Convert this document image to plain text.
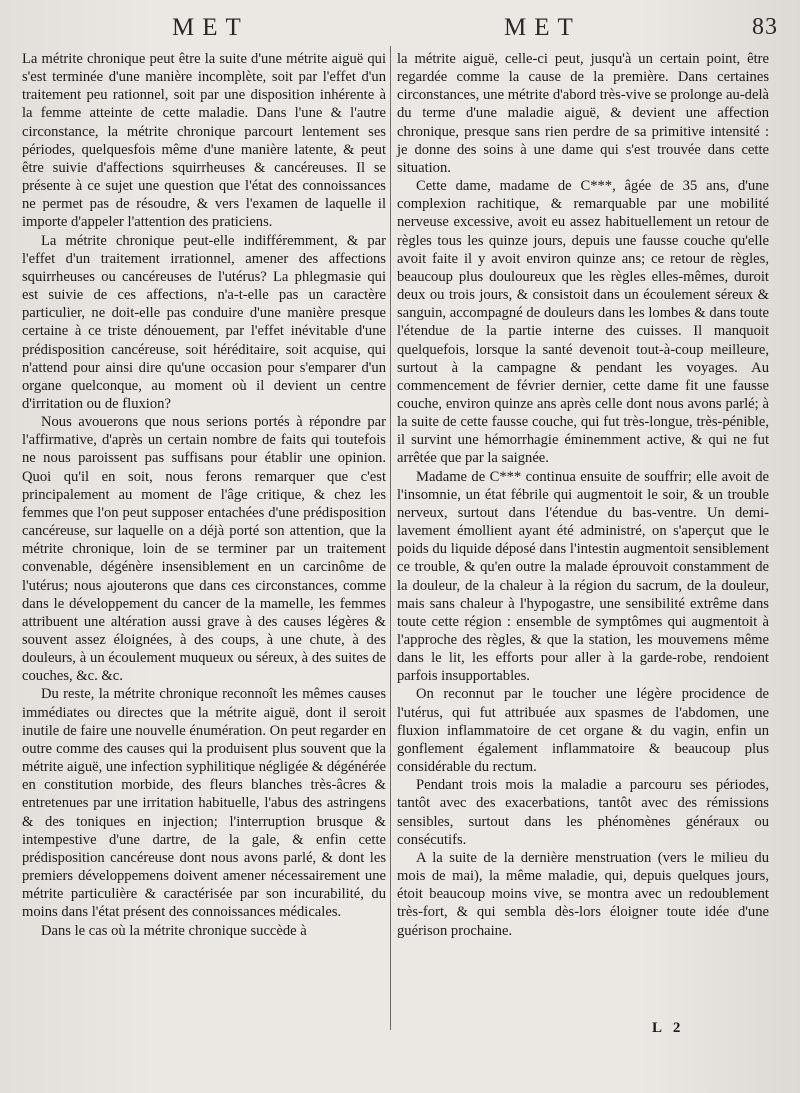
MET	MET	83

La métrite chronique peut être la suite d'une métrite aiguë qui s'est terminée d'une manière incomplète, soit par l'effet d'un traitement peu rationnel, soit par une disposition inhérente à la femme atteinte de cette maladie. Dans l'une & l'autre circonstance, la métrite chronique parcourt lentement ses périodes, quelquesfois même d'une manière latente, & peut être suivie d'affections squirrheuses & cancéreuses. Il se présente à ce sujet une question que l'état des connoissances ne permet pas de résoudre, & vers l'examen de laquelle il importe d'appeler l'attention des praticiens.

La métrite chronique peut-elle indifféremment, & par l'effet d'un traitement irrationnel, amener des affections squirrheuses ou cancéreuses de l'utérus? La phlegmasie qui est suivie de ces affections, n'a-t-elle pas un caractère particulier, ne doit-elle pas conduire d'une manière presque certaine à ce triste dénouement, par l'effet inévitable d'une prédisposition cancéreuse, soit héréditaire, soit acquise, qui n'attend pour ainsi dire qu'une occasion pour s'emparer d'un organe quelconque, au moment où il devient un centre d'irritation ou de fluxion?

Nous avouerons que nous serions portés à répondre par l'affirmative, d'après un certain nombre de faits qui toutefois ne nous paroissent pas suffisans pour établir une opinion. Quoi qu'il en soit, nous ferons remarquer que c'est principalement au moment de l'âge critique, & chez les femmes que l'on peut supposer entachées d'une prédisposition cancéreuse, sur laquelle on a déjà porté son attention, que la métrite chronique, loin de se terminer par un traitement convenable, dégénère insensiblement en un carcinôme de l'utérus; nous ajouterons que dans ces circonstances, comme dans le développement du cancer de la mamelle, les femmes attribuent une altération aussi grave à des causes légères & souvent assez éloignées, à des coups, à une chute, à des douleurs, à un écoulement muqueux ou séreux, à des suites de couches, &c. &c.

Du reste, la métrite chronique reconnoît les mêmes causes immédiates ou directes que la métrite aiguë, dont il seroit inutile de faire une nouvelle énumération. On peut regarder en outre comme des causes qui la produisent plus souvent que la métrite aiguë, une infection syphilitique négligée & dégénérée en constitution morbide, des fleurs blanches très-âcres & entretenues par une irritation habituelle, l'abus des astringens & des toniques en injection; l'interruption brusque & intempestive d'une dartre, de la gale, & enfin cette prédisposition cancéreuse dont nous avons parlé, & dont les premiers développemens doivent amener nécessairement une métrite particulière & caractérisée par son incurabilité, du moins dans l'état présent des connoissances médicales.

Dans le cas où la métrite chronique succède à

la métrite aiguë, celle-ci peut, jusqu'à un certain point, être regardée comme la cause de la première. Dans certaines circonstances, une métrite d'abord très-vive se prolonge au-delà du terme d'une maladie aiguë, & devient une affection chronique, presque sans rien perdre de sa primitive intensité : je donne des soins à une dame qui s'est trouvée dans cette situation.

Cette dame, madame de C***, âgée de 35 ans, d'une complexion rachitique, & remarquable par une mobilité nerveuse excessive, avoit eu assez habituellement un retour de règles tous les quinze jours, depuis une fausse couche qu'elle avoit faite il y avoit environ quinze ans; ce retour de règles, beaucoup plus douloureux que les règles elles-mêmes, duroit deux ou trois jours, & consistoit dans un écoulement séreux & sanguin, accompagné de douleurs dans les lombes & dans toute l'étendue de la partie interne des cuisses. Il manquoit quelquefois, lorsque la santé devenoit tout-à-coup meilleure, surtout à la campagne & pendant les voyages. Au commencement de février dernier, cette dame fit une fausse couche, environ quinze ans après celle dont nous avons parlé; à la suite de cette fausse couche, qui fut très-longue, très-pénible, il survint une hémorrhagie éminemment active, & qui ne fut arrêtée que par la saignée.

Madame de C*** continua ensuite de souffrir; elle avoit de l'insomnie, un état fébrile qui augmentoit le soir, & un trouble nerveux, surtout dans l'étendue du bas-ventre. Un demi-lavement émollient ayant été administré, on s'aperçut que le poids du liquide déposé dans l'intestin augmentoit sensiblement ce trouble, & qu'en outre la malade éprouvoit constamment de la douleur, de la chaleur à la région du sacrum, de la douleur, mais sans chaleur à l'hypogastre, une sensibilité extrême dans toute cette région : ensemble de symptômes qui augmentoit à l'approche des règles, & que la station, les mouvemens même dans le lit, les efforts pour aller à la garde-robe, rendoient parfois insupportables.

On reconnut par le toucher une légère procidence de l'utérus, qui fut attribuée aux spasmes de l'abdomen, une fluxion inflammatoire de cet organe & du vagin, enfin un gonflement également inflammatoire & beaucoup plus considérable du rectum.

Pendant trois mois la maladie a parcouru ses périodes, tantôt avec des exacerbations, tantôt avec des rémissions sensibles, surtout dans les phénomènes généraux ou consécutifs.

A la suite de la dernière menstruation (vers le milieu du mois de mai), la même maladie, qui, depuis quelques jours, étoit beaucoup moins vive, se montra avec un redoublement très-fort, & qui sembla dès-lors éloigner toute idée d'une guérison prochaine.

L 2
